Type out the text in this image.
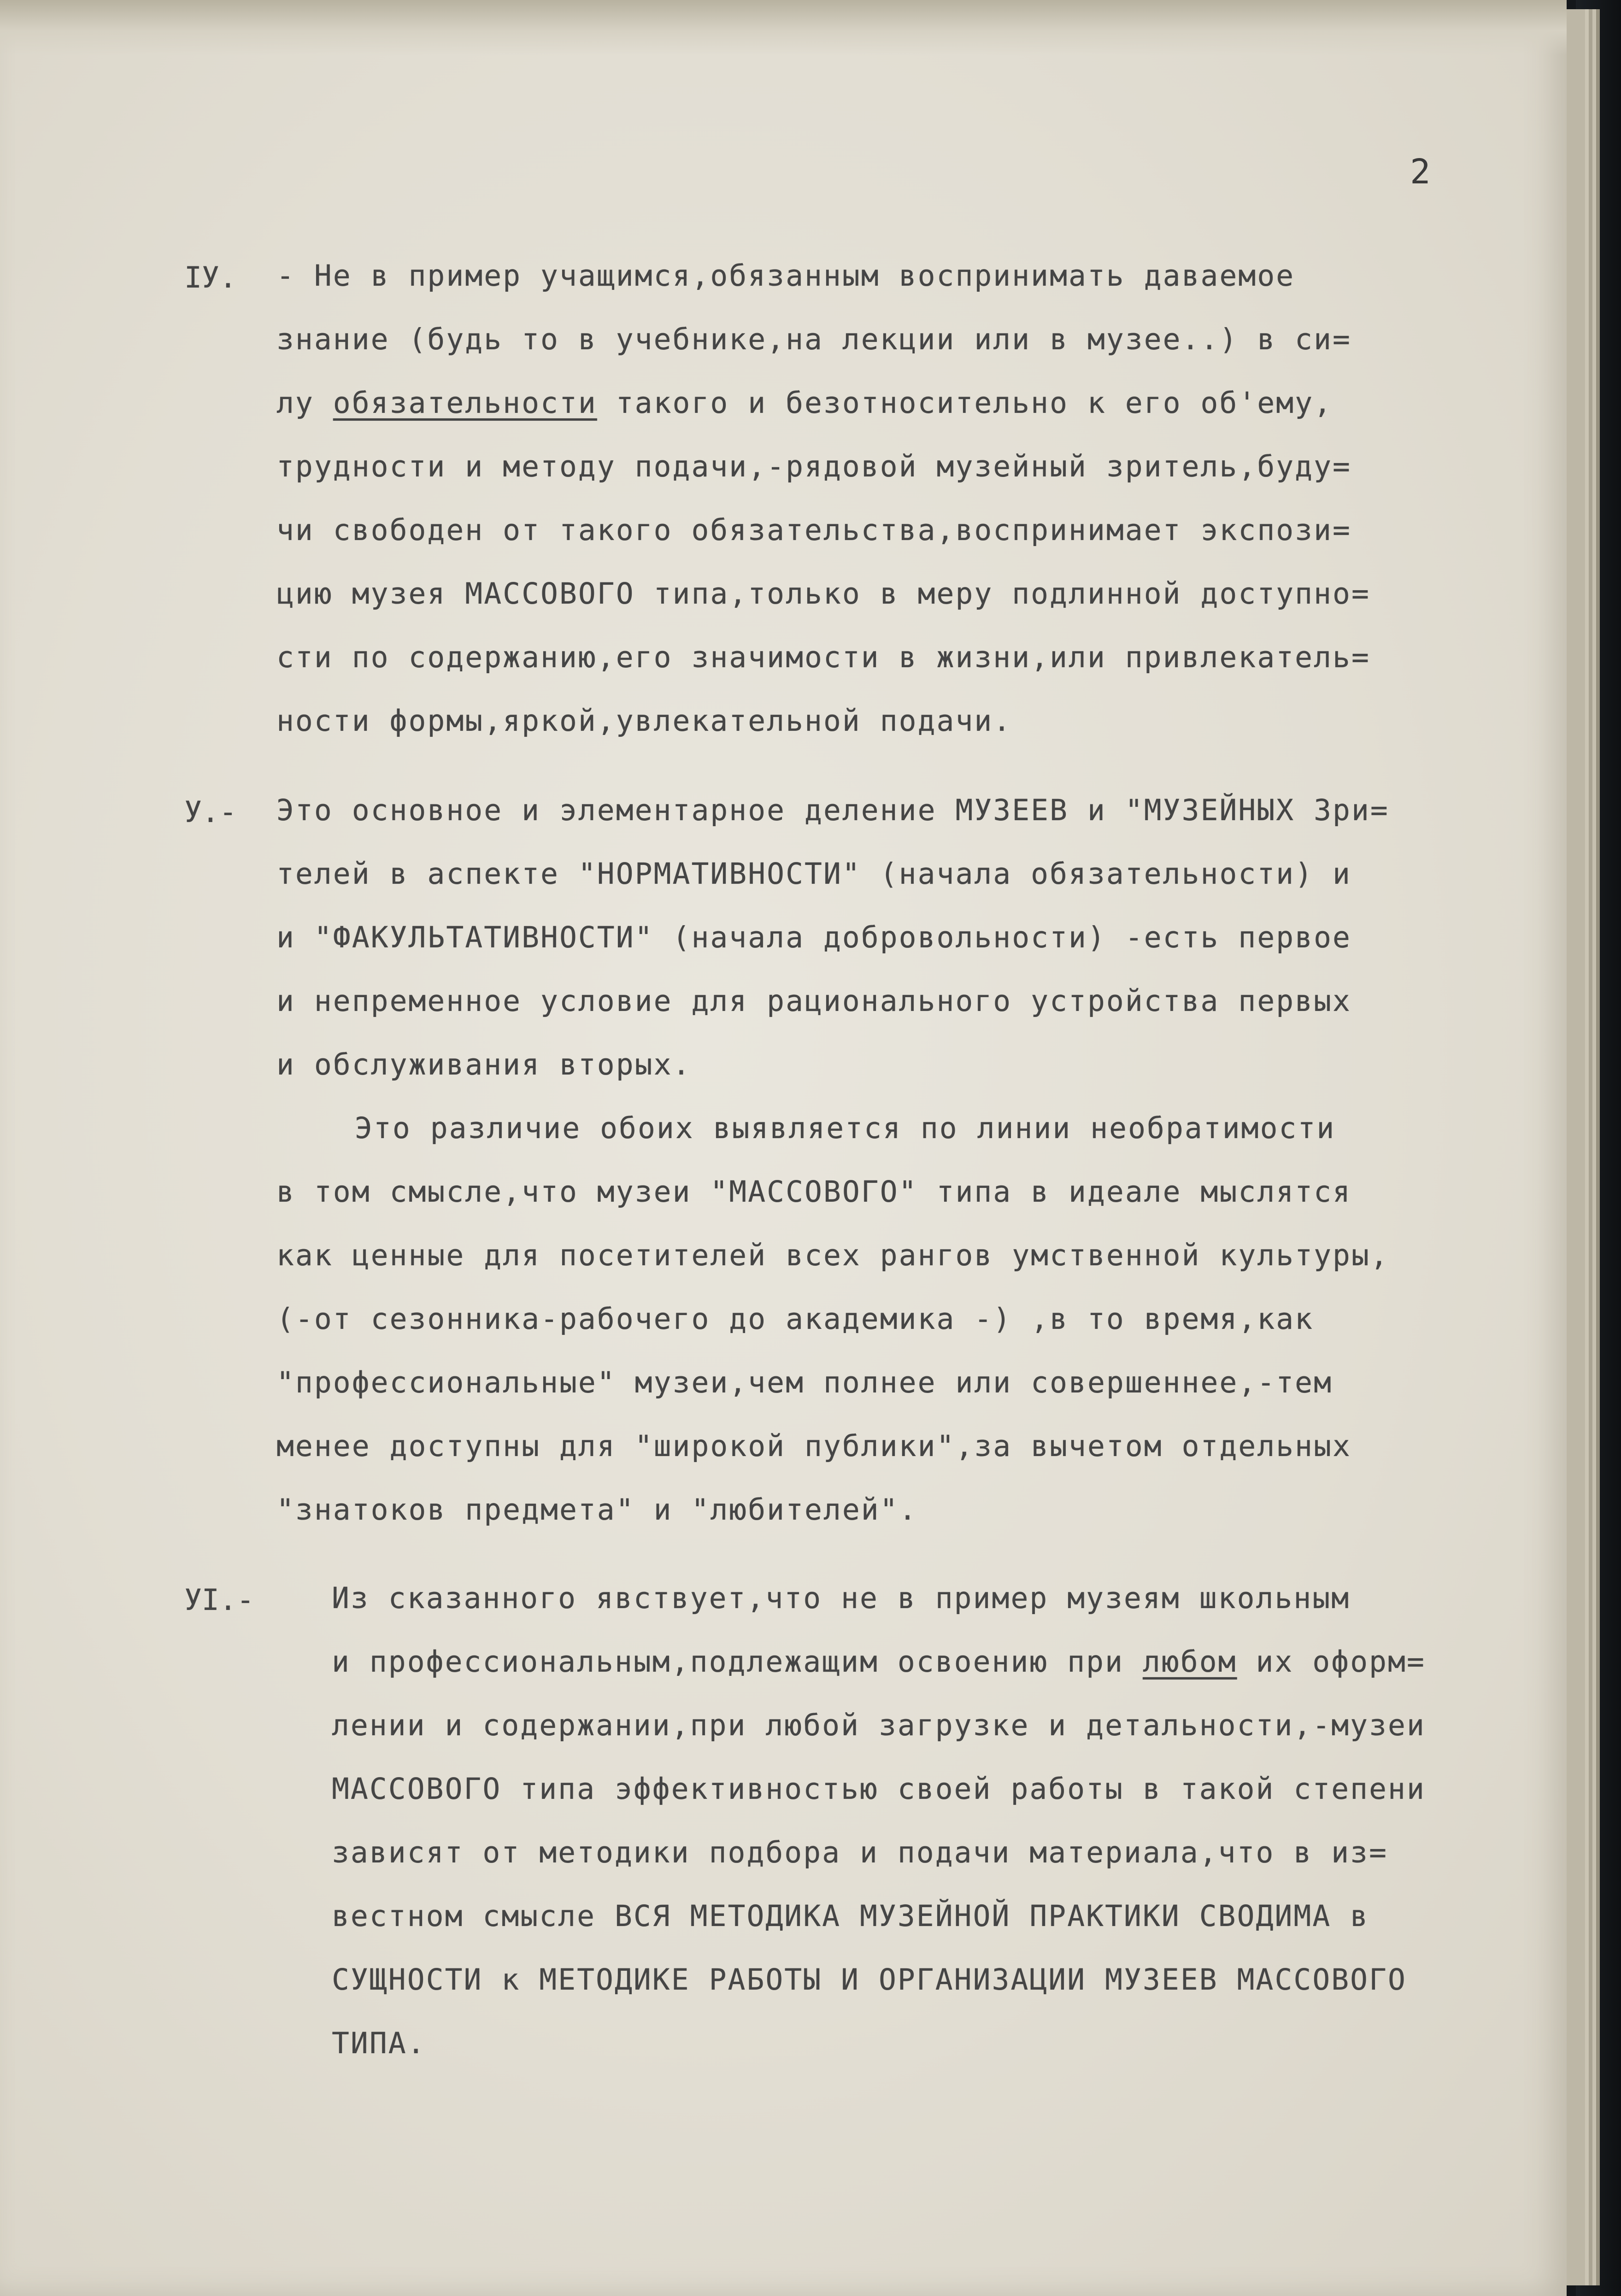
2
IУ. - Не в пример учащимся,обязанным воспринимать даваемое
знание (будь то в учебнике,на лекции или в музее..) в си=
лу обязательности такого и безотносительно к его об'ему,
трудности и методу подачи,-рядовой музейный зритель,буду=
чи свободен от такого обязательства,воспринимает экспози=
цию музея МАССОВОГО типа,только в меру подлинной доступно=
сти по содержанию,его значимости в жизни,или привлекатель=
ности формы,яркой,увлекательной подачи.
У.- Это основное и элементарное деление МУЗЕЕВ и "МУЗЕЙНЫХ Зри=
телей в аспекте "НОРМАТИВНОСТИ" (начала обязательности) и
и "ФАКУЛЬТАТИВНОСТИ" (начала добровольности) -есть первое
и непременное условие для рационального устройства первых
и обслуживания вторых.
Это различие обоих выявляется по линии необратимости
в том смысле,что музеи "МАССОВОГО" типа в идеале мыслятся
как ценные для посетителей всех рангов умственной культуры,
(-от сезонника-рабочего до академика -) ,в то время,как
"профессиональные" музеи,чем полнее или совершеннее,-тем
менее доступны для "широкой публики",за вычетом отдельных
"знатоков предмета" и "любителей".
УI.-	Из сказанного явствует,что не в пример музеям школьным
и профессиональным,подлежащим освоению при любом их оформ=
лении и содержании,при любой загрузке и детальности,-музеи
МАССОВОГО типа эффективностью своей работы в такой степени
зависят от методики подбора и подачи материала,что в из=
вестном смысле ВСЯ МЕТОДИКА МУЗЕЙНОЙ ПРАКТИКИ СВОДИМА в
СУЩНОСТИ к МЕТОДИКЕ РАБОТЫ И ОРГАНИЗАЦИИ МУЗЕЕВ МАССОВОГО
ТИПА.
